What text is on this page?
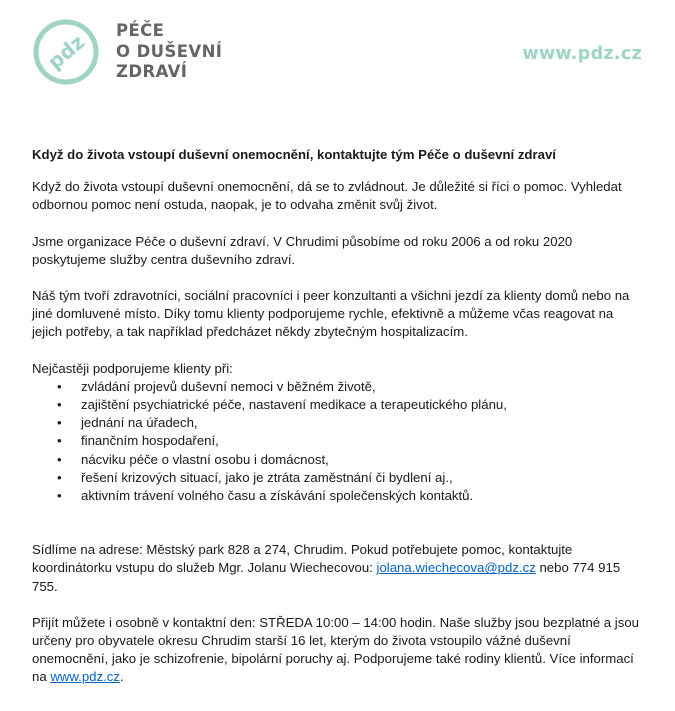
pdz PÉČE
O DUŠEVNÍ
ZDRAVÍ
www.pdz.cz
Když do života vstoupí duševní onemocnění, kontaktujte tým Péče o duševní zdraví

Když do života vstoupí duševní onemocnění, dá se to zvládnout. Je důležité si říci o pomoc. Vyhledat odbornou pomoc není ostuda, naopak, je to odvaha změnit svůj život.

Jsme organizace Péče o duševní zdraví. V Chrudimi působíme od roku 2006 a od roku 2020 poskytujeme služby centra duševního zdraví.

Náš tým tvoří zdravotníci, sociální pracovníci i peer konzultanti a všichni jezdí za klienty domů nebo na jiné domluvené místo. Díky tomu klienty podporujeme rychle, efektivně a můžeme včas reagovat na jejich potřeby, a tak například předcházet někdy zbytečným hospitalizacím.

Nejčastěji podporujeme klienty při:

• zvládání projevů duševní nemoci v běžném životě,
• zajištění psychiatrické péče, nastavení medikace a terapeutického plánu,
• jednání na úřadech,
• finančním hospodaření,
• nácviku péče o vlastní osobu i domácnost,
• řešení krizových situací, jako je ztráta zaměstnání či bydlení aj.,
• aktivním trávení volného času a získávání společenských kontaktů.

Sídlíme na adrese: Městský park 828 a 274, Chrudim. Pokud potřebujete pomoc, kontaktujte koordinátorku vstupu do služeb Mgr. Jolanu Wiechecovou: jolana.wiechecova@pdz.cz nebo 774 915 755.

Přijít můžete i osobně v kontaktní den: STŘEDA 10:00 – 14:00 hodin. Naše služby jsou bezplatné a jsou určeny pro obyvatele okresu Chrudim starší 16 let, kterým do života vstoupilo vážné duševní onemocnění, jako je schizofrenie, bipolární poruchy aj. Podporujeme také rodiny klientů. Více informací na www.pdz.cz.
